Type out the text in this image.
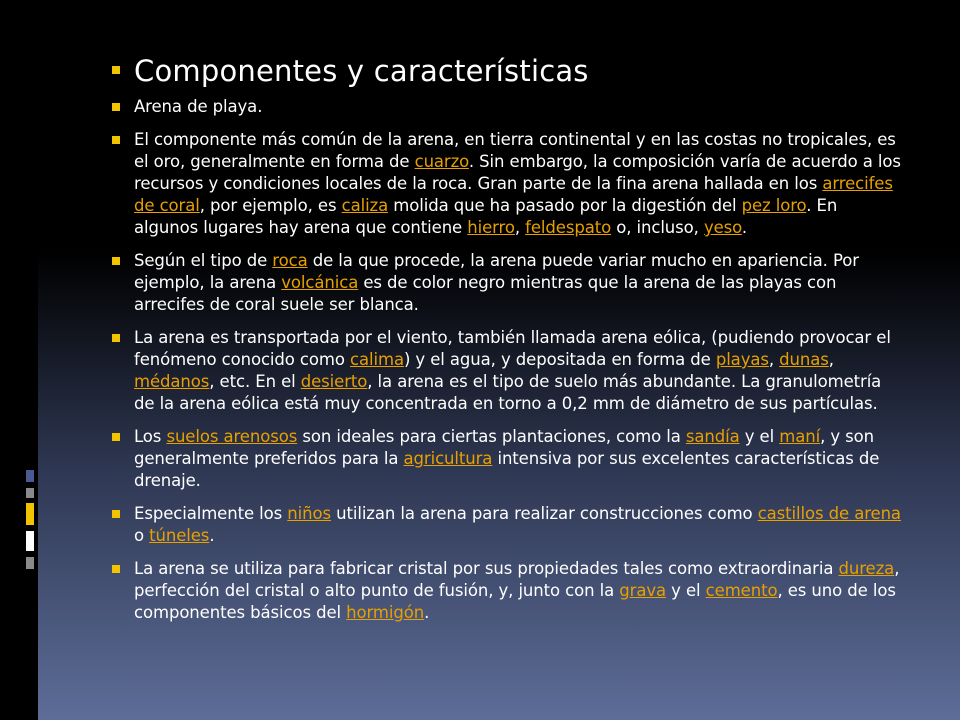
Componentes y características
Arena de playa.
El componente más común de la arena, en tierra continental y en las costas no tropicales, es el oro, generalmente en forma de cuarzo. Sin embargo, la composición varía de acuerdo a los recursos y condiciones locales de la roca. Gran parte de la fina arena hallada en los arrecifes de coral, por ejemplo, es caliza molida que ha pasado por la digestión del pez loro. En algunos lugares hay arena que contiene hierro, feldespato o, incluso, yeso.
Según el tipo de roca de la que procede, la arena puede variar mucho en apariencia. Por ejemplo, la arena volcánica es de color negro mientras que la arena de las playas con arrecifes de coral suele ser blanca.
La arena es transportada por el viento, también llamada arena eólica, (pudiendo provocar el fenómeno conocido como calima) y el agua, y depositada en forma de playas, dunas, médanos, etc. En el desierto, la arena es el tipo de suelo más abundante. La granulometría de la arena eólica está muy concentrada en torno a 0,2 mm de diámetro de sus partículas.
Los suelos arenosos son ideales para ciertas plantaciones, como la sandía y el maní, y son generalmente preferidos para la agricultura intensiva por sus excelentes características de drenaje.
Especialmente los niños utilizan la arena para realizar construcciones como castillos de arena o túneles.
La arena se utiliza para fabricar cristal por sus propiedades tales como extraordinaria dureza, perfección del cristal o alto punto de fusión, y, junto con la grava y el cemento, es uno de los componentes básicos del hormigón.
